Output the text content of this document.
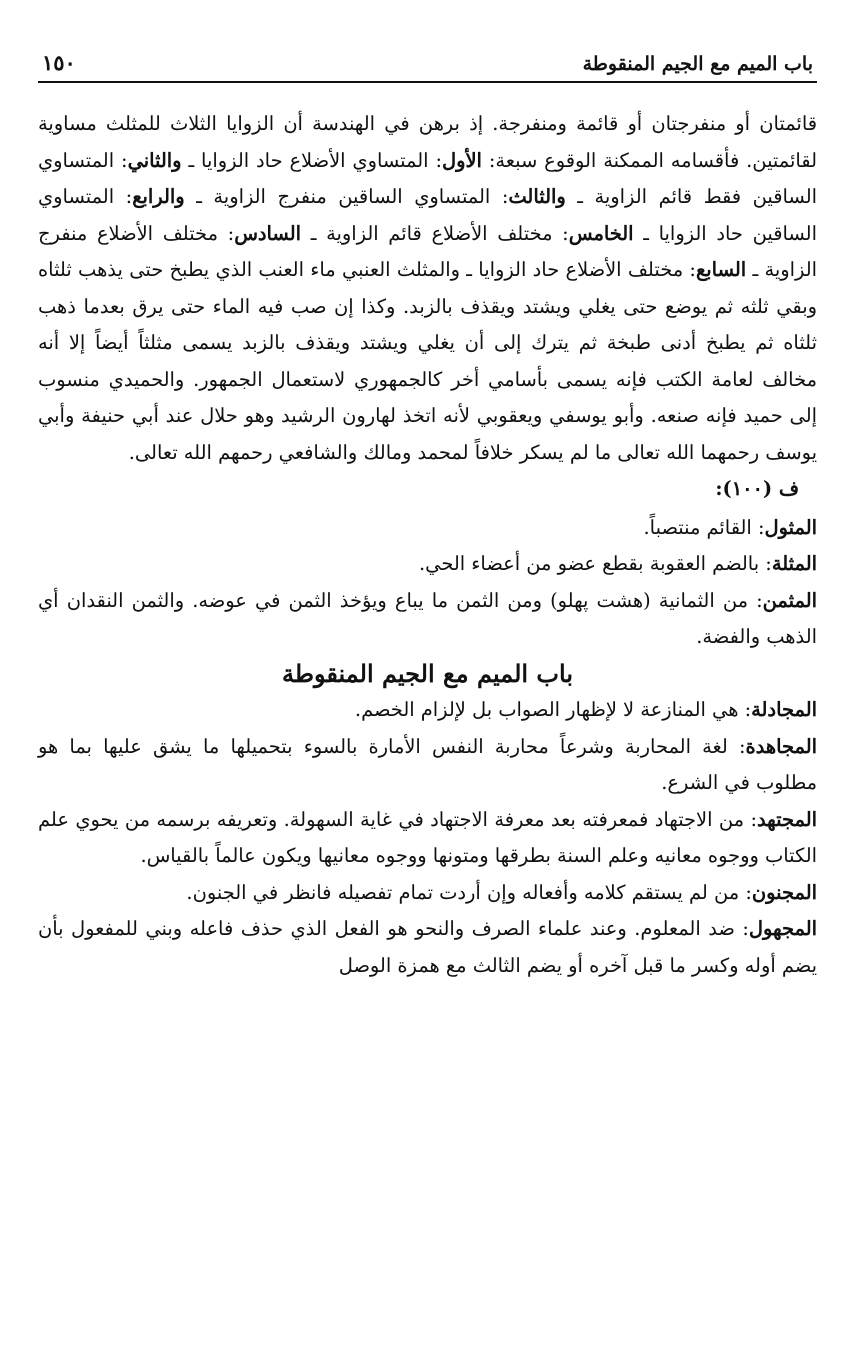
باب الميم مع الجيم المنقوطة
١٥٠

قائمتان أو منفرجتان أو قائمة ومنفرجة. إذ برهن في الهندسة أن الزوايا الثلاث للمثلث مساوية لقائمتين. فأقسامه الممكنة الوقوع سبعة: الأول: المتساوي الأضلاع حاد الزوايا ـ والثاني: المتساوي الساقين فقط قائم الزاوية ـ والثالث: المتساوي الساقين منفرج الزاوية ـ والرابع: المتساوي الساقين حاد الزوايا ـ الخامس: مختلف الأضلاع قائم الزاوية ـ السادس: مختلف الأضلاع منفرج الزاوية ـ السابع: مختلف الأضلاع حاد الزوايا ـ والمثلث العنبي ماء العنب الذي يطبخ حتى يذهب ثلثاه وبقي ثلثه ثم يوضع حتى يغلي ويشتد ويقذف بالزبد. وكذا إن صب فيه الماء حتى يرق بعدما ذهب ثلثاه ثم يطبخ أدنى طبخة ثم يترك إلى أن يغلي ويشتد ويقذف بالزبد يسمى مثلثاً أيضاً إلا أنه مخالف لعامة الكتب فإنه يسمى بأسامي أخر كالجمهوري لاستعمال الجمهور. والحميدي منسوب إلى حميد فإنه صنعه. وأبو يوسفي ويعقوبي لأنه اتخذ لهارون الرشيد وهو حلال عند أبي حنيفة وأبي يوسف رحمهما الله تعالى ما لم يسكر خلافاً لمحمد ومالك والشافعي رحمهم الله تعالى.

ف (١٠٠):

المثول: القائم منتصباً.

المثلة: بالضم العقوبة بقطع عضو من أعضاء الحي.

المثمن: من الثمانية (هشت پهلو) ومن الثمن ما يباع ويؤخذ الثمن في عوضه. والثمن النقدان أي الذهب والفضة.

باب الميم مع الجيم المنقوطة

المجادلة: هي المنازعة لا لإظهار الصواب بل لإلزام الخصم.

المجاهدة: لغة المحاربة وشرعاً محاربة النفس الأمارة بالسوء بتحميلها ما يشق عليها بما هو مطلوب في الشرع.

المجتهد: من الاجتهاد فمعرفته بعد معرفة الاجتهاد في غاية السهولة. وتعريفه برسمه من يحوي علم الكتاب ووجوه معانيه وعلم السنة بطرقها ومتونها ووجوه معانيها ويكون عالماً بالقياس.

المجنون: من لم يستقم كلامه وأفعاله وإن أردت تمام تفصيله فانظر في الجنون.

المجهول: ضد المعلوم. وعند علماء الصرف والنحو هو الفعل الذي حذف فاعله وبني للمفعول بأن يضم أوله وكسر ما قبل آخره أو يضم الثالث مع همزة الوصل
